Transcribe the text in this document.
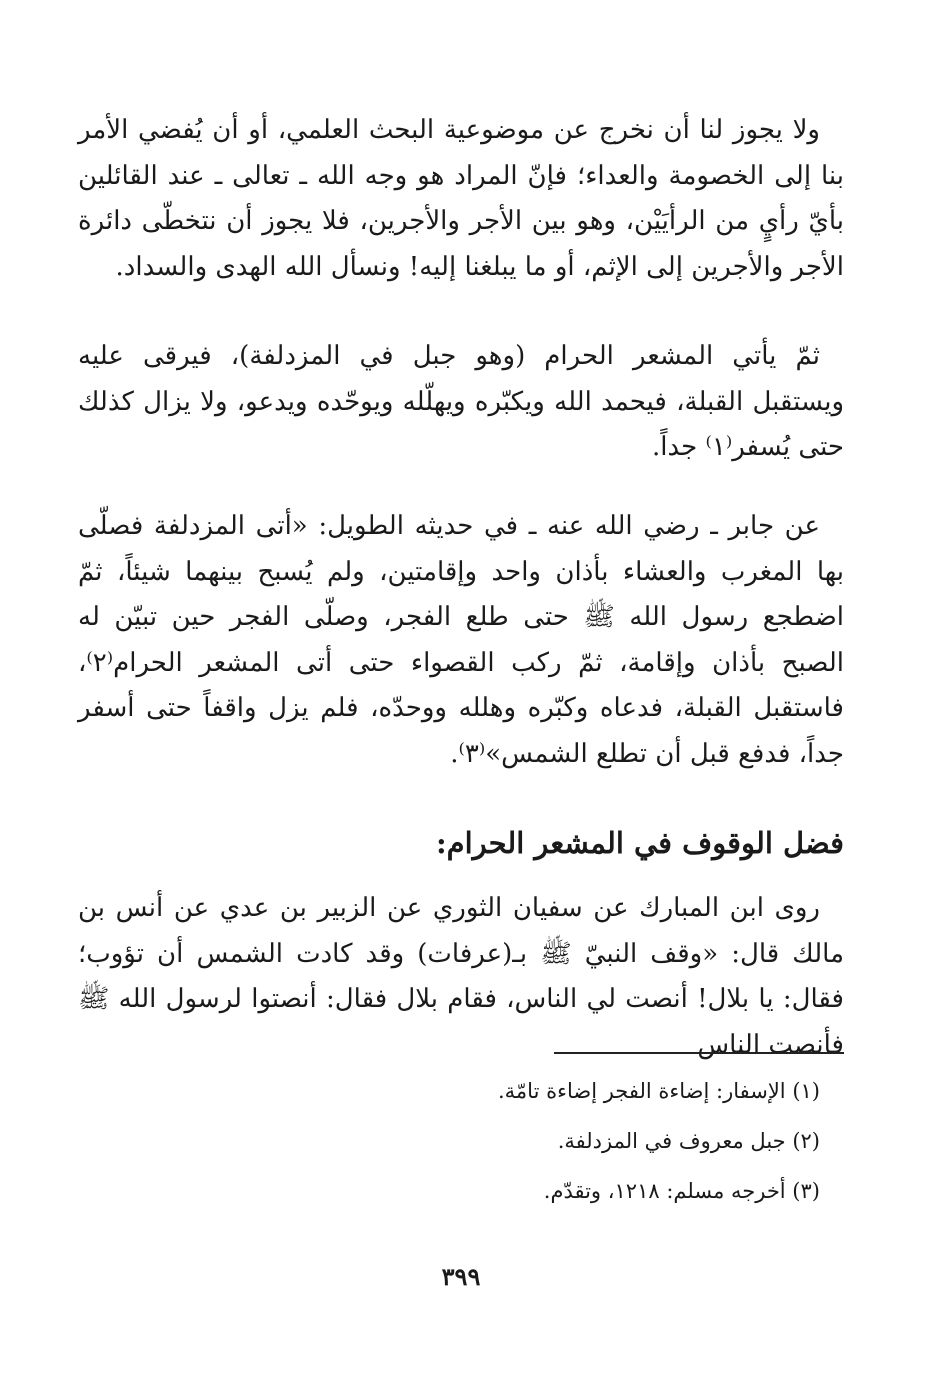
ولا يجوز لنا أن نخرج عن موضوعية البحث العلمي، أو أن يُفضي الأمر بنا إلى الخصومة والعداء؛ فإنّ المراد هو وجه الله ـ تعالى ـ عند القائلين بأيّ رأيٍ من الرأيَيْن، وهو بين الأجر والأجرين، فلا يجوز أن نتخطّى دائرة الأجر والأجرين إلى الإثم، أو ما يبلغنا إليه! ونسأل الله الهدى والسداد.

ثمّ يأتي المشعر الحرام (وهو جبل في المزدلفة)، فيرقى عليه ويستقبل القبلة، فيحمد الله ويكبّره ويهلّله ويوحّده ويدعو، ولا يزال كذلك حتى يُسفر⁽١⁾ جداً.

عن جابر ـ رضي الله عنه ـ في حديثه الطويل: «أتى المزدلفة فصلّى بها المغرب والعشاء بأذان واحد وإقامتين، ولم يُسبح بينهما شيئاً، ثمّ اضطجع رسول الله ﷺ حتى طلع الفجر، وصلّى الفجر حين تبيّن له الصبح بأذان وإقامة، ثمّ ركب القصواء حتى أتى المشعر الحرام⁽٢⁾، فاستقبل القبلة، فدعاه وكبّره وهلله ووحدّه، فلم يزل واقفاً حتى أسفر جداً، فدفع قبل أن تطلع الشمس»⁽٣⁾.

فضل الوقوف في المشعر الحرام:

روى ابن المبارك عن سفيان الثوري عن الزبير بن عدي عن أنس بن مالك قال: «وقف النبيّ ﷺ بـ(عرفات) وقد كادت الشمس أن تؤوب؛ فقال: يا بلال! أنصت لي الناس، فقام بلال فقال: أنصتوا لرسول الله ﷺ فأنصت الناس

(١) الإسفار: إضاءة الفجر إضاءة تامّة.
(٢) جبل معروف في المزدلفة.
(٣) أخرجه مسلم: ١٢١٨، وتقدّم.
٣٩٩
